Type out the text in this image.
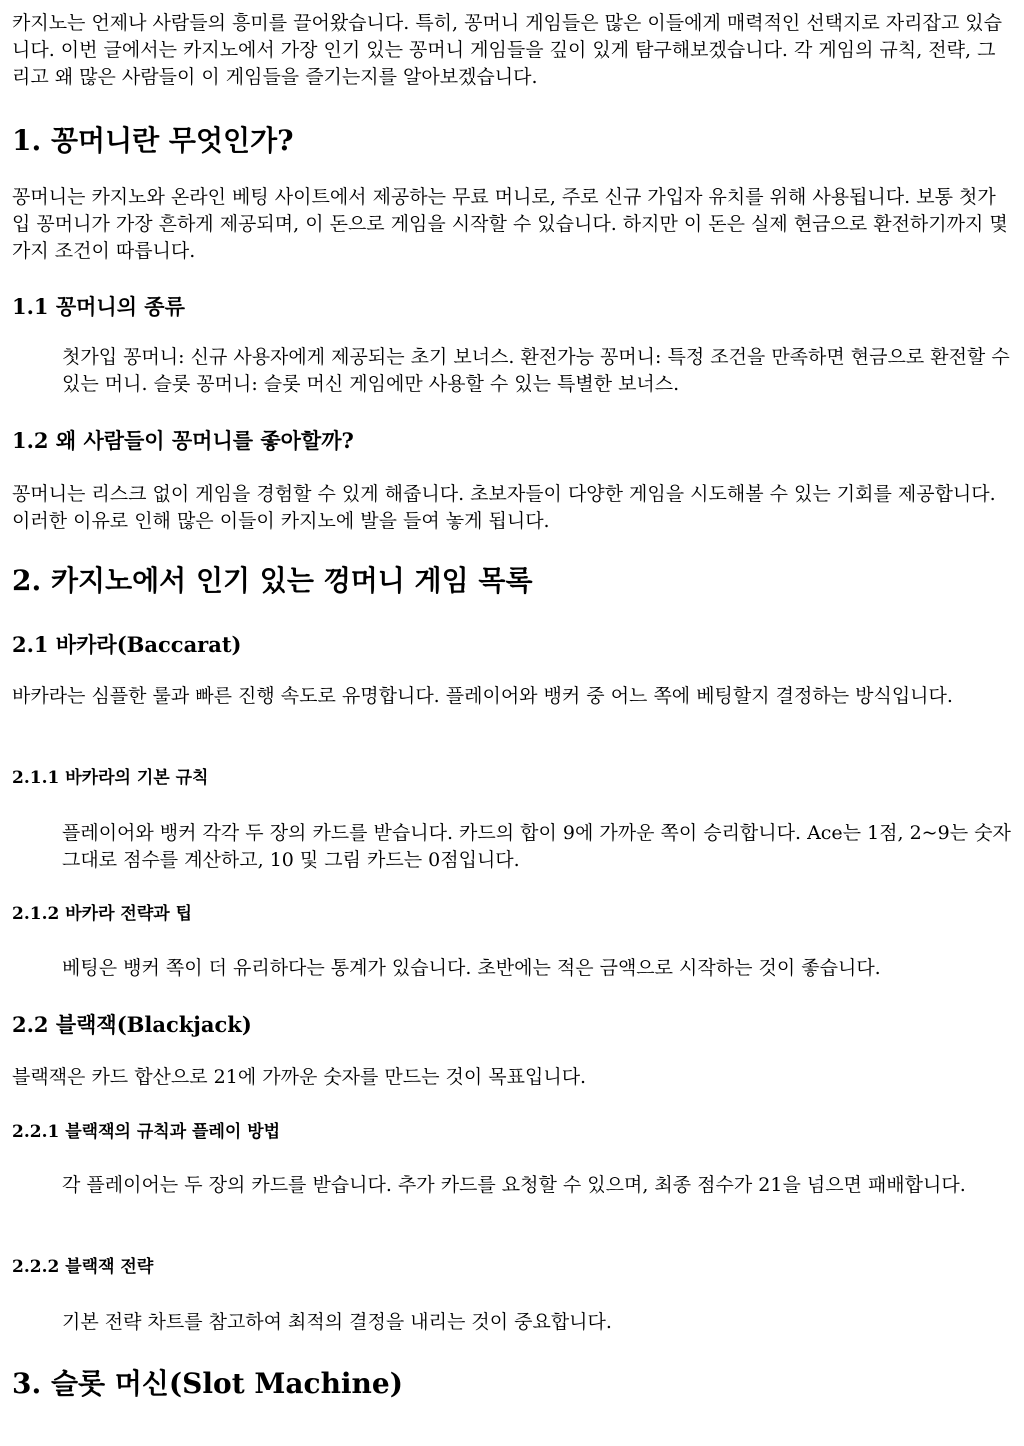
카지노는 언제나 사람들의 흥미를 끌어왔습니다. 특히, 꽁머니 게임들은 많은 이들에게 매력적인 선택지로 자리잡고 있습니다. 이번 글에서는 카지노에서 가장 인기 있는 꽁머니 게임들을 깊이 있게 탐구해보겠습니다. 각 게임의 규칙, 전략, 그리고 왜 많은 사람들이 이 게임들을 즐기는지를 알아보겠습니다.

1. 꽁머니란 무엇인가?

꽁머니는 카지노와 온라인 베팅 사이트에서 제공하는 무료 머니로, 주로 신규 가입자 유치를 위해 사용됩니다. 보통 첫가입 꽁머니가 가장 흔하게 제공되며, 이 돈으로 게임을 시작할 수 있습니다. 하지만 이 돈은 실제 현금으로 환전하기까지 몇 가지 조건이 따릅니다.

1.1 꽁머니의 종류
첫가입 꽁머니: 신규 사용자에게 제공되는 초기 보너스. 환전가능 꽁머니: 특정 조건을 만족하면 현금으로 환전할 수 있는 머니. 슬롯 꽁머니: 슬롯 머신 게임에만 사용할 수 있는 특별한 보너스.
1.2 왜 사람들이 꽁머니를 좋아할까?

꽁머니는 리스크 없이 게임을 경험할 수 있게 해줍니다. 초보자들이 다양한 게임을 시도해볼 수 있는 기회를 제공합니다. 이러한 이유로 인해 많은 이들이 카지노에 발을 들여 놓게 됩니다.

2. 카지노에서 인기 있는 껑머니 게임 목록
2.1 바카라(Baccarat)

바카라는 심플한 룰과 빠른 진행 속도로 유명합니다. 플레이어와 뱅커 중 어느 쪽에 베팅할지 결정하는 방식입니다.

2.1.1 바카라의 기본 규칙
플레이어와 뱅커 각각 두 장의 카드를 받습니다. 카드의 합이 9에 가까운 쪽이 승리합니다. Ace는 1점, 2~9는 숫자 그대로 점수를 계산하고, 10 및 그림 카드는 0점입니다.
2.1.2 바카라 전략과 팁
베팅은 뱅커 쪽이 더 유리하다는 통계가 있습니다. 초반에는 적은 금액으로 시작하는 것이 좋습니다.
2.2 블랙잭(Blackjack)

블랙잭은 카드 합산으로 21에 가까운 숫자를 만드는 것이 목표입니다.

2.2.1 블랙잭의 규칙과 플레이 방법
각 플레이어는 두 장의 카드를 받습니다. 추가 카드를 요청할 수 있으며, 최종 점수가 21을 넘으면 패배합니다.
2.2.2 블랙잭 전략
기본 전략 차트를 참고하여 최적의 결정을 내리는 것이 중요합니다.
3. 슬롯 머신(Slot Machine)
